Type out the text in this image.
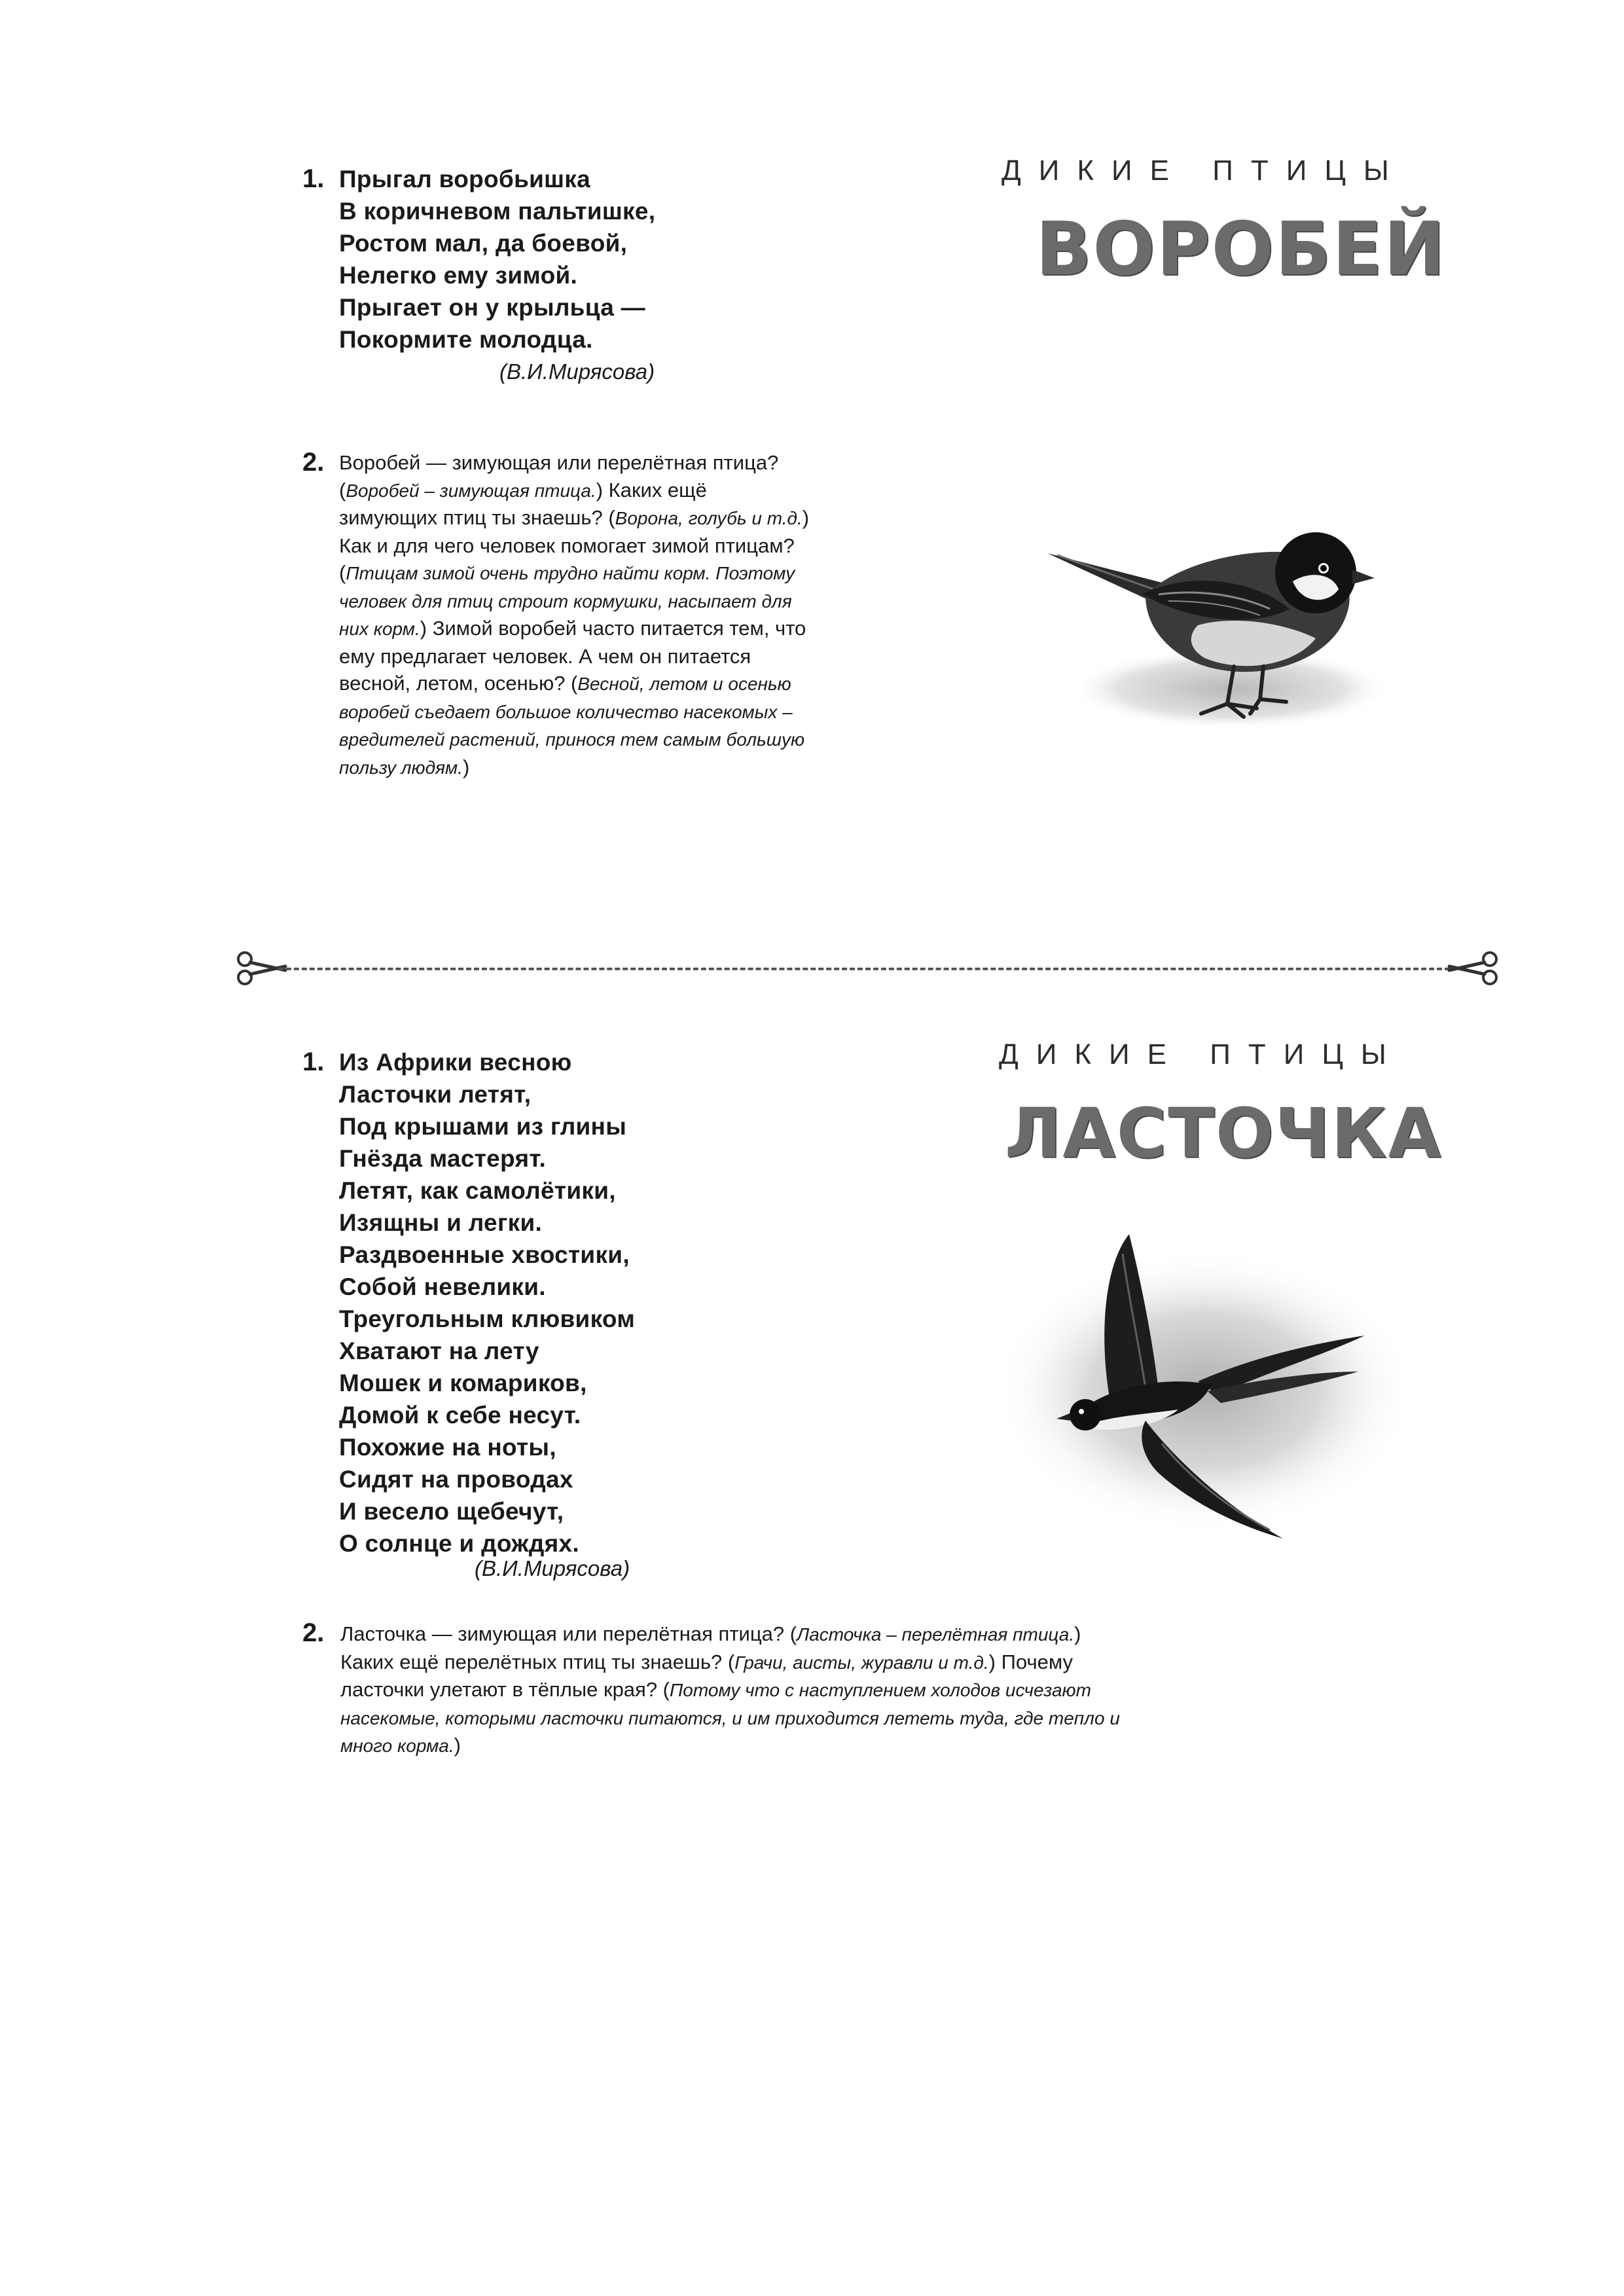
1. Прыгал воробьишка
В коричневом пальтишке,
Ростом мал, да боевой,
Нелегко ему зимой.
Прыгает он у крыльца —
Покормите молодца.
(В.И.Мирясова)
2. Воробей — зимующая или перелётная птица? (Воробей – зимующая птица.) Каких ещё зимующих птиц ты знаешь? (Ворона, голубь и т.д.) Как и для чего человек помогает зимой птицам? (Птицам зимой очень трудно найти корм. Поэтому человек для птиц строит кормушки, насыпает для них корм.) Зимой воробей часто питается тем, что ему предлагает человек. А чем он питается весной, летом, осенью? (Весной, летом и осенью воробей съедает большое количество насекомых – вредителей растений, принося тем самым большую пользу людям.)

ДИКИЕ ПТИЦЫ
ВОРОБЕЙ
1. Из Африки весною
Ласточки летят,
Под крышами из глины
Гнёзда мастерят.
Летят, как самолётики,
Изящны и легки.
Раздвоенные хвостики,
Собой невелики.
Треугольным клювиком
Хватают на лету
Мошек и комариков,
Домой к себе несут.
Похожие на ноты,
Сидят на проводах
И весело щебечут,
О солнце и дождях.
(В.И.Мирясова)
2. Ласточка — зимующая или перелётная птица? (Ласточка – перелётная птица.) Каких ещё перелётных птиц ты знаешь? (Грачи, аисты, журавли и т.д.) Почему ласточки улетают в тёплые края? (Потому что с наступлением холодов исчезают насекомые, которыми ласточки питаются, и им приходится лететь туда, где тепло и много корма.)

ДИКИЕ ПТИЦЫ
ЛАСТОЧКА
